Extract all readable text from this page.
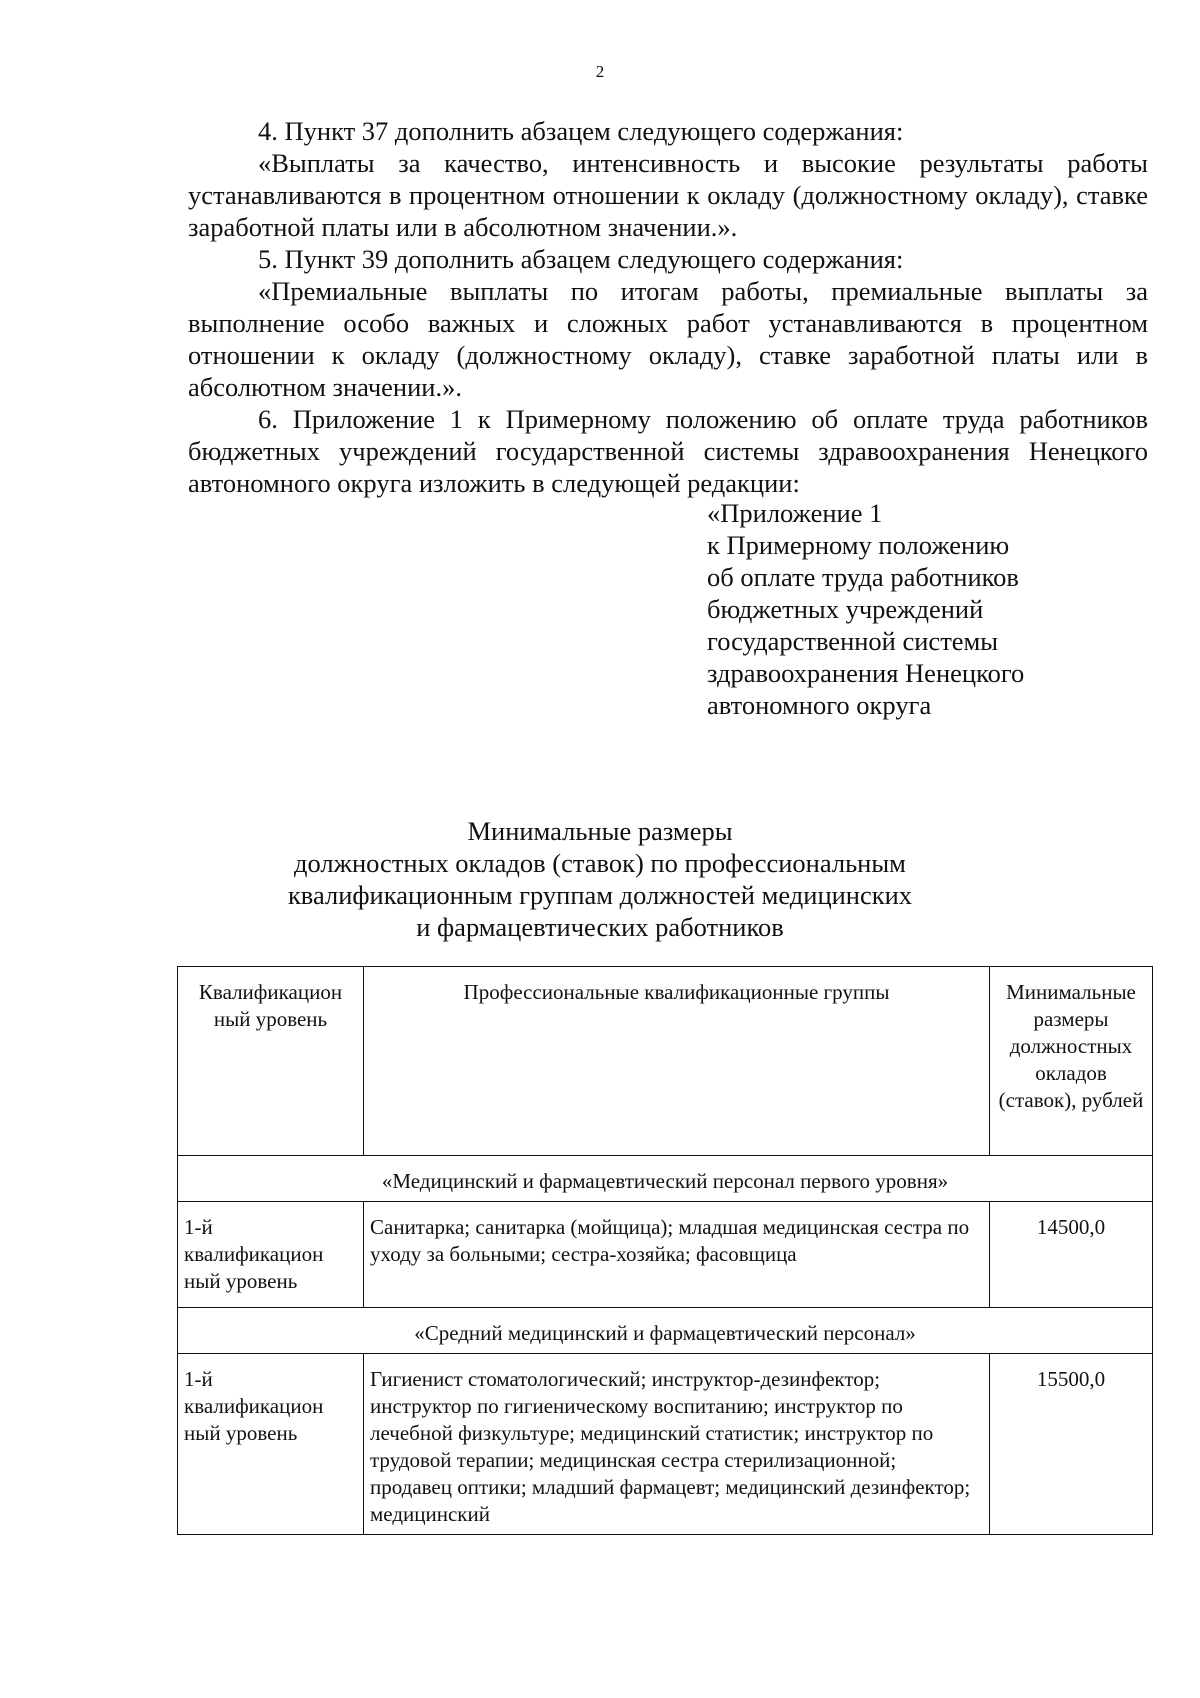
2

4. Пункт 37 дополнить абзацем следующего содержания:

«Выплаты за качество, интенсивность и высокие результаты работы устанавливаются в процентном отношении к окладу (должностному окладу), ставке заработной платы или в абсолютном значении.».

5. Пункт 39 дополнить абзацем следующего содержания:

«Премиальные выплаты по итогам работы, премиальные выплаты за выполнение особо важных и сложных работ устанавливаются в процентном отношении к окладу (должностному окладу), ставке заработной платы или в абсолютном значении.».

6. Приложение 1 к Примерному положению об оплате труда работников бюджетных учреждений государственной системы здравоохранения Ненецкого автономного округа изложить в следующей редакции:

«Приложение 1
к Примерному положению
об оплате труда работников
бюджетных учреждений
государственной системы
здравоохранения Ненецкого
автономного округа
Минимальные размеры
должностных окладов (ставок) по профессиональным
квалификационным группам должностей медицинских
и фармацевтических работников
Квалификацион ный уровень	Профессиональные квалификационные группы	Минимальные размеры должностных окладов (ставок), рублей
«Медицинский и фармацевтический персонал первого уровня»		
1-й квалификацион ный уровень	Санитарка; санитарка (мойщица); младшая медицинская сестра по уходу за больными; сестра-хозяйка; фасовщица	14500,0
«Средний медицинский и фармацевтический персонал»		
1-й квалификацион ный уровень	Гигиенист стоматологический; инструктор-дезинфектор; инструктор по гигиеническому воспитанию; инструктор по лечебной физкультуре; медицинский статистик; инструктор по трудовой терапии; медицинская сестра стерилизационной; продавец оптики; младший фармацевт; медицинский дезинфектор; медицинский	15500,0
